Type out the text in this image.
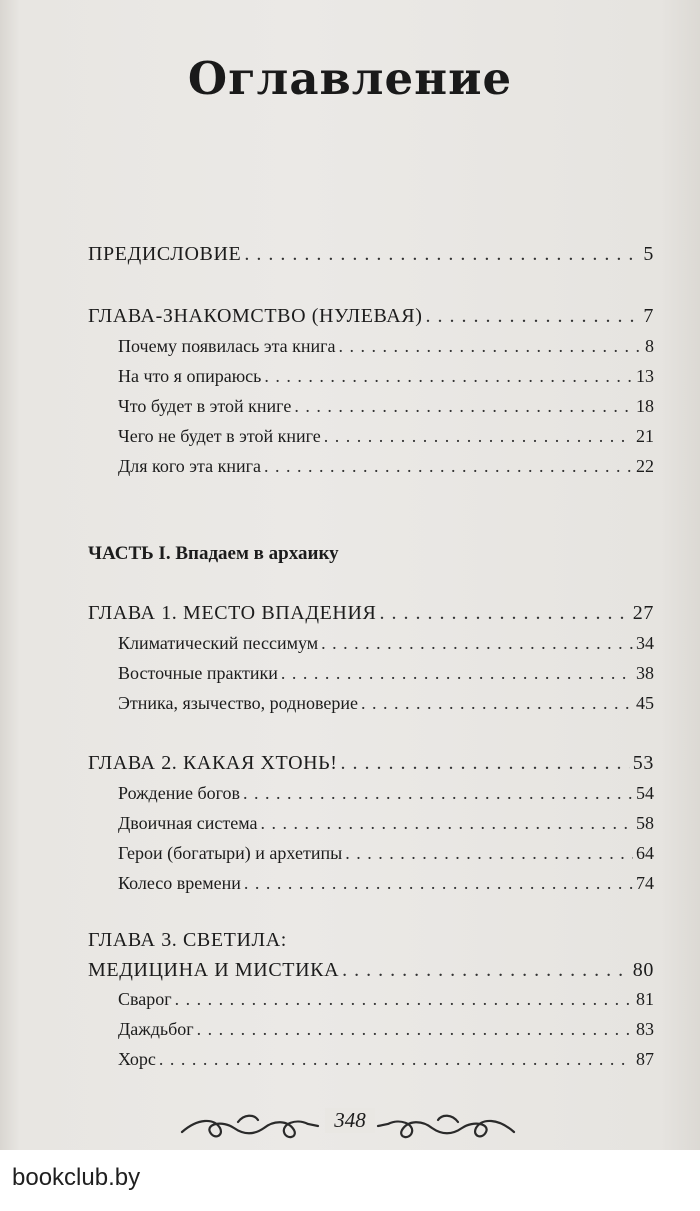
Оглавление
ПРЕДИСЛОВИЕ . . .	5
ГЛАВА-ЗНАКОМСТВО (НУЛЕВАЯ) . . .	7
Почему появилась эта книга . . .	8
На что я опираюсь . . .	13
Что будет в этой книге . . .	18
Чего не будет в этой книге . . .	21
Для кого эта книга . . .	22
ЧАСТЬ I. Впадаем в архаику
ГЛАВА 1. МЕСТО ВПАДЕНИЯ . . .	27
Климатический пессимум . . .	34
Восточные практики . . .	38
Этника, язычество, родноверие . . .	45
ГЛАВА 2. КАКАЯ ХТОНЬ! . . .	53
Рождение богов . . .	54
Двоичная система . . .	58
Герои (богатыри) и архетипы . . .	64
Колесо времени . . .	74
ГЛАВА 3. СВЕТИЛА:
МЕДИЦИНА И МИСТИКА . . .	80
Сварог . . .	81
Даждьбог . . .	83
Хорс . . .	87
348
bookclub.by
